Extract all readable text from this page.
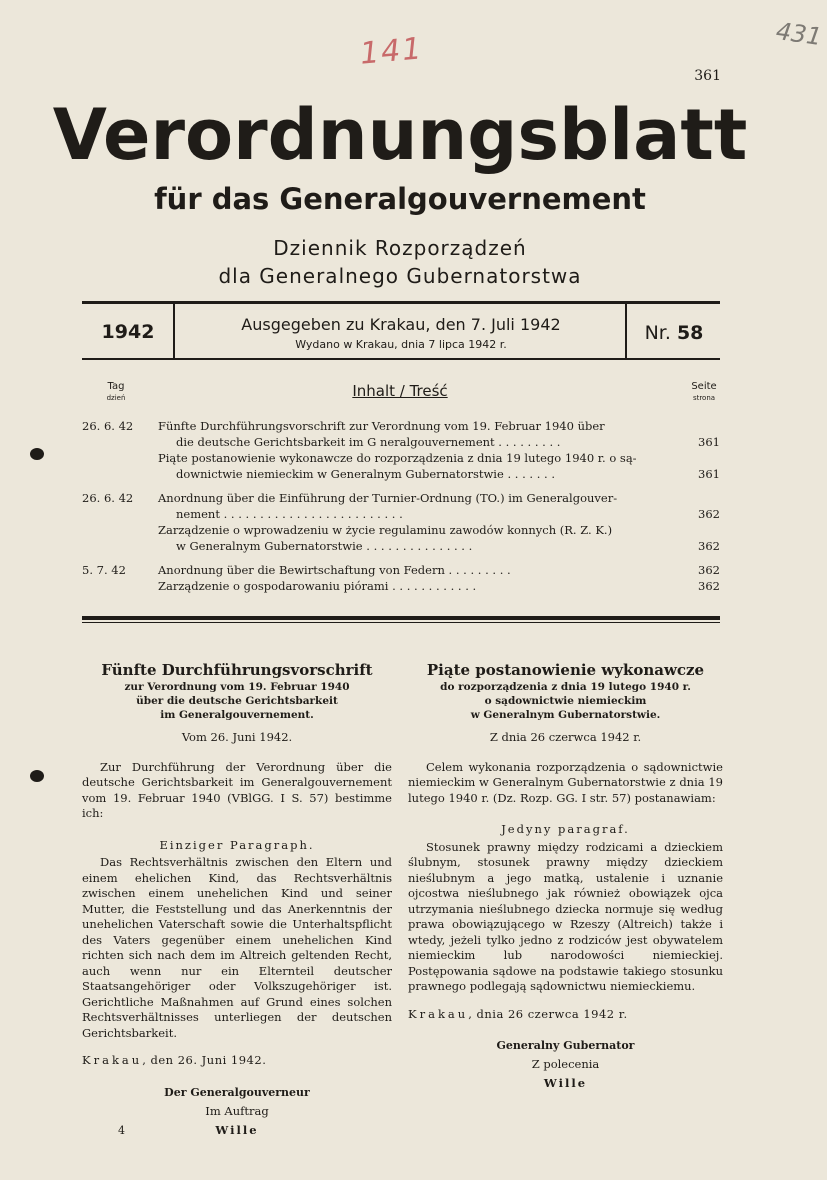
141	431
361
Verordnungsblatt
für das Generalgouvernement
Dziennik Rozporządzeń
dla Generalnego Gubernatorstwa
1942	Ausgegeben zu Krakau, den 7. Juli 1942
Wydano w Krakau, dnia 7 lipca 1942 r.
Nr. 58
Tag
dzień	Inhalt / Treść	Seite
strona
26. 6. 42	Fünfte Durchführungsvorschrift zur Verordnung vom 19. Februar 1940 über
die deutsche Gerichtsbarkeit im G neralgouvernement . . . . . . . . .	361
Piąte postanowienie wykonawcze do rozporządzenia z dnia 19 lutego 1940 r. o są-
downictwie niemieckim w Generalnym Gubernatorstwie . . . . . . .	361
26. 6. 42	Anordnung über die Einführung der Turnier-Ordnung (TO.) im Generalgouver-
nement . . . . . . . . . . . . . . . . . . . . . . . . .	362
Zarządzenie o wprowadzeniu w życie regulaminu zawodów konnych (R. Z. K.)
w Generalnym Gubernatorstwie . . . . . . . . . . . . . . .	362
5. 7. 42	Anordnung über die Bewirtschaftung von Federn . . . . . . . . .	362
Zarządzenie o gospodarowaniu piórami . . . . . . . . . . . .	362
Fünfte Durchführungsvorschrift
zur Verordnung vom 19. Februar 1940
über die deutsche Gerichtsbarkeit
im Generalgouvernement.
Vom 26. Juni 1942.
Zur Durchführung der Verordnung über die deutsche Gerichtsbarkeit im Generalgouvernement vom 19. Februar 1940 (VBlGG. I S. 57) bestimme ich:
Einziger Paragraph.
Das Rechtsverhältnis zwischen den Eltern und einem ehelichen Kind, das Rechtsverhältnis zwischen einem unehelichen Kind und seiner Mutter, die Feststellung und das Anerkenntnis der unehelichen Vaterschaft sowie die Unterhaltspflicht des Vaters gegenüber einem unehelichen Kind richten sich nach dem im Altreich geltenden Recht, auch wenn nur ein Elternteil deutscher Staatsangehöriger oder Volkszugehöriger ist. Gerichtliche Maßnahmen auf Grund eines solchen Rechtsverhältnisses unterliegen der deutschen Gerichtsbarkeit.
Krakau, den 26. Juni 1942.
Der Generalgouverneur
Im Auftrag
Wille
Piąte postanowienie wykonawcze
do rozporządzenia z dnia 19 lutego 1940 r.
o sądownictwie niemieckim
w Generalnym Gubernatorstwie.
Z dnia 26 czerwca 1942 r.
Celem wykonania rozporządzenia o sądownictwie niemieckim w Generalnym Gubernatorstwie z dnia 19 lutego 1940 r. (Dz. Rozp. GG. I str. 57) postanawiam:
Jedyny paragraf.
Stosunek prawny między rodzicami a dzieckiem ślubnym, stosunek prawny między dzieckiem nieślubnym a jego matką, ustalenie i uznanie ojcostwa nieślubnego jak również obowiązek ojca utrzymania nieślubnego dziecka normuje się według prawa obowiązującego w Rzeszy (Altreich) także i wtedy, jeżeli tylko jedno z rodziców jest obywatelem niemieckim lub narodowości niemieckiej. Postępowania sądowe na podstawie takiego stosunku prawnego podlegają sądownictwu niemieckiemu.
Krakau, dnia 26 czerwca 1942 r.
Generalny Gubernator
Z polecenia
Wille
4
